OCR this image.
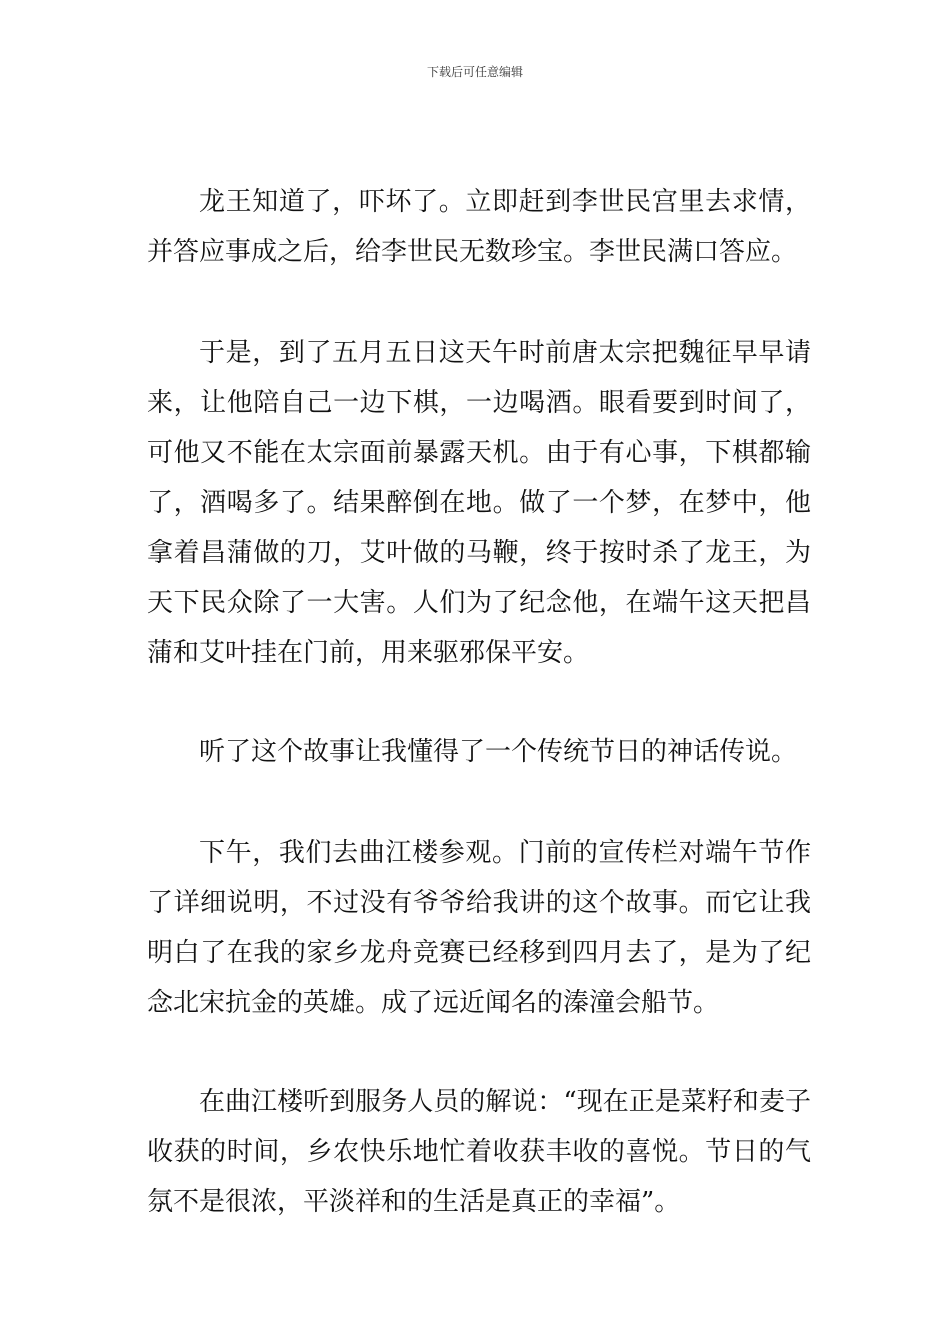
下载后可任意编辑

龙王知道了，吓坏了。立即赶到李世民宫里去求情，并答应事成之后，给李世民无数珍宝。李世民满口答应。

于是，到了五月五日这天午时前唐太宗把魏征早早请来，让他陪自己一边下棋，一边喝酒。眼看要到时间了，可他又不能在太宗面前暴露天机。由于有心事，下棋都输了，酒喝多了。结果醉倒在地。做了一个梦，在梦中，他拿着昌蒲做的刀，艾叶做的马鞭，终于按时杀了龙王，为天下民众除了一大害。人们为了纪念他，在端午这天把昌蒲和艾叶挂在门前，用来驱邪保平安。

听了这个故事让我懂得了一个传统节日的神话传说。

下午，我们去曲江楼参观。门前的宣传栏对端午节作了详细说明，不过没有爷爷给我讲的这个故事。而它让我明白了在我的家乡龙舟竞赛已经移到四月去了，是为了纪念北宋抗金的英雄。成了远近闻名的溱潼会船节。

在曲江楼听到服务人员的解说：“现在正是菜籽和麦子收获的时间，乡农快乐地忙着收获丰收的喜悦。节日的气氛不是很浓，平淡祥和的生活是真正的幸福”。
